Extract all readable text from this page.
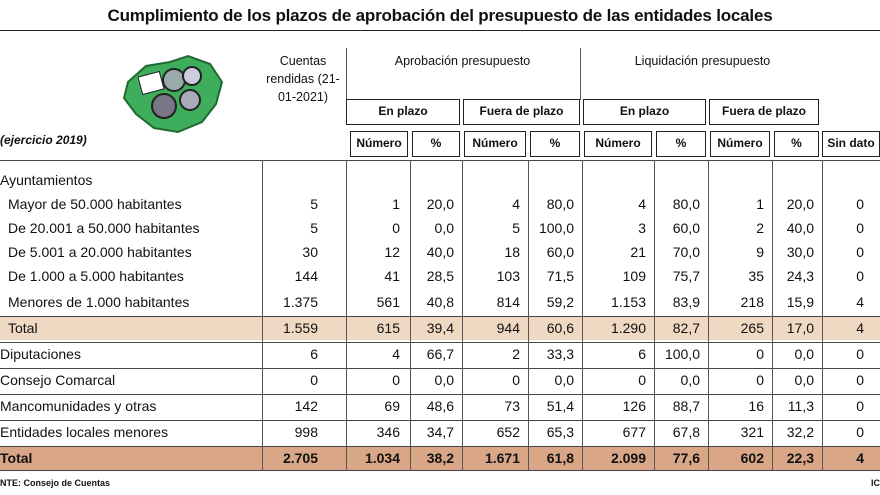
Cumplimiento de los plazos de aprobación del presupuesto de las entidades locales
Cuentas rendidas (21-01-2021)
Aprobación presupuesto	Liquidación presupuesto
En plazo	Fuera de plazo	En plazo	Fuera de plazo
Número	%	Número	%	Número	%	Número	%	Sin dato
(ejercicio 2019)
Ayuntamientos
Mayor de 50.000 habitantes	5	1	20,0	4	80,0	4	80,0	1	20,0	0
De 20.001 a 50.000 habitantes	5	0	0,0	5	100,0	3	60,0	2	40,0	0
De 5.001 a 20.000 habitantes	30	12	40,0	18	60,0	21	70,0	9	30,0	0
De 1.000 a 5.000 habitantes	144	41	28,5	103	71,5	109	75,7	35	24,3	0
Menores de 1.000 habitantes	1.375	561	40,8	814	59,2	1.153	83,9	218	15,9	4
Total	1.559	615	39,4	944	60,6	1.290	82,7	265	17,0	4
Diputaciones	6	4	66,7	2	33,3	6	100,0	0	0,0	0
Consejo Comarcal	0	0	0,0	0	0,0	0	0,0	0	0,0	0
Mancomunidades y otras	142	69	48,6	73	51,4	126	88,7	16	11,3	0
Entidades locales menores	998	346	34,7	652	65,3	677	67,8	321	32,2	0
Total	2.705	1.034	38,2	1.671	61,8	2.099	77,6	602	22,3	4
NTE: Consejo de Cuentas	IC
